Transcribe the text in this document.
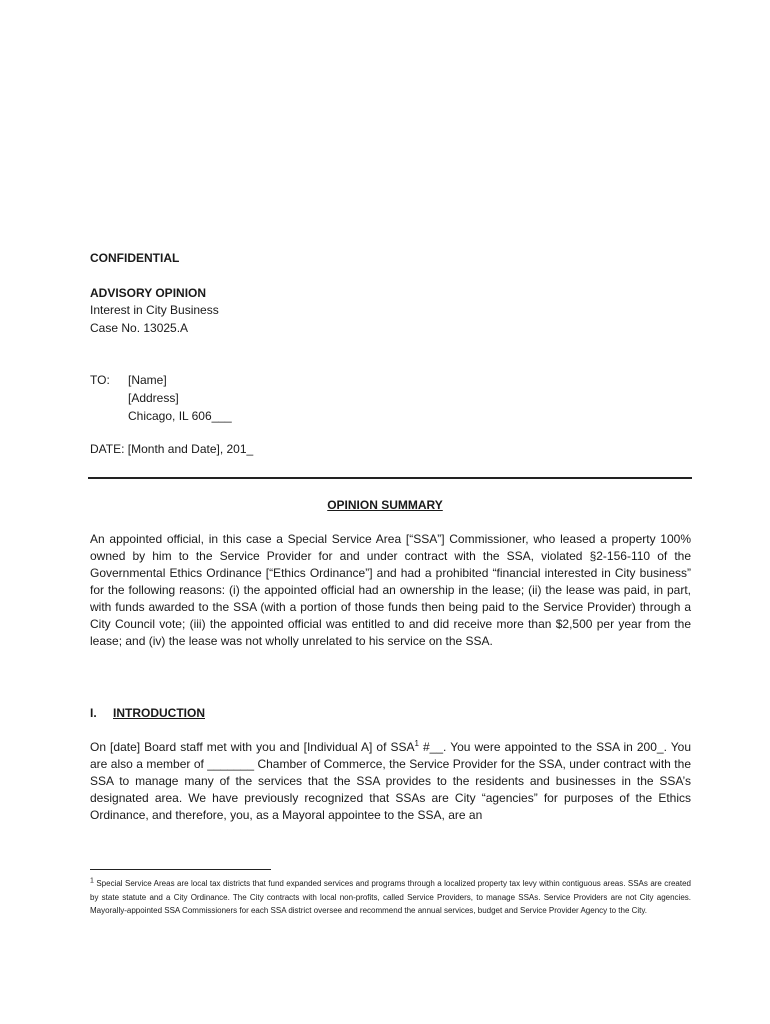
CONFIDENTIAL

ADVISORY OPINION

Interest in City Business

Case No. 13025.A

TO:	[Name]
[Address]
Chicago, IL 606___

DATE: [Month and Date], 201_

OPINION SUMMARY

An appointed official, in this case a Special Service Area [“SSA”] Commissioner, who leased a property 100% owned by him to the Service Provider for and under contract with the SSA, violated §2-156-110 of the Governmental Ethics Ordinance [“Ethics Ordinance”] and had a prohibited “financial interested in City business” for the following reasons: (i) the appointed official had an ownership in the lease; (ii) the lease was paid, in part, with funds awarded to the SSA (with a portion of those funds then being paid to the Service Provider) through a City Council vote; (iii) the appointed official was entitled to and did receive more than $2,500 per year from the lease; and (iv) the lease was not wholly unrelated to his service on the SSA.

I.	INTRODUCTION

On [date] Board staff met with you and [Individual A] of SSA$^1$ #__. You were appointed to the SSA in 200_. You are also a member of _______ Chamber of Commerce, the Service Provider for the SSA, under contract with the SSA to manage many of the services that the SSA provides to the residents and businesses in the SSA’s designated area. We have previously recognized that SSAs are City “agencies” for purposes of the Ethics Ordinance, and therefore, you, as a Mayoral appointee to the SSA, are an

$^1$ Special Service Areas are local tax districts that fund expanded services and programs through a localized property tax levy within contiguous areas. SSAs are created by state statute and a City Ordinance. The City contracts with local non-profits, called Service Providers, to manage SSAs. Service Providers are not City agencies. Mayorally-appointed SSA Commissioners for each SSA district oversee and recommend the annual services, budget and Service Provider Agency to the City.
